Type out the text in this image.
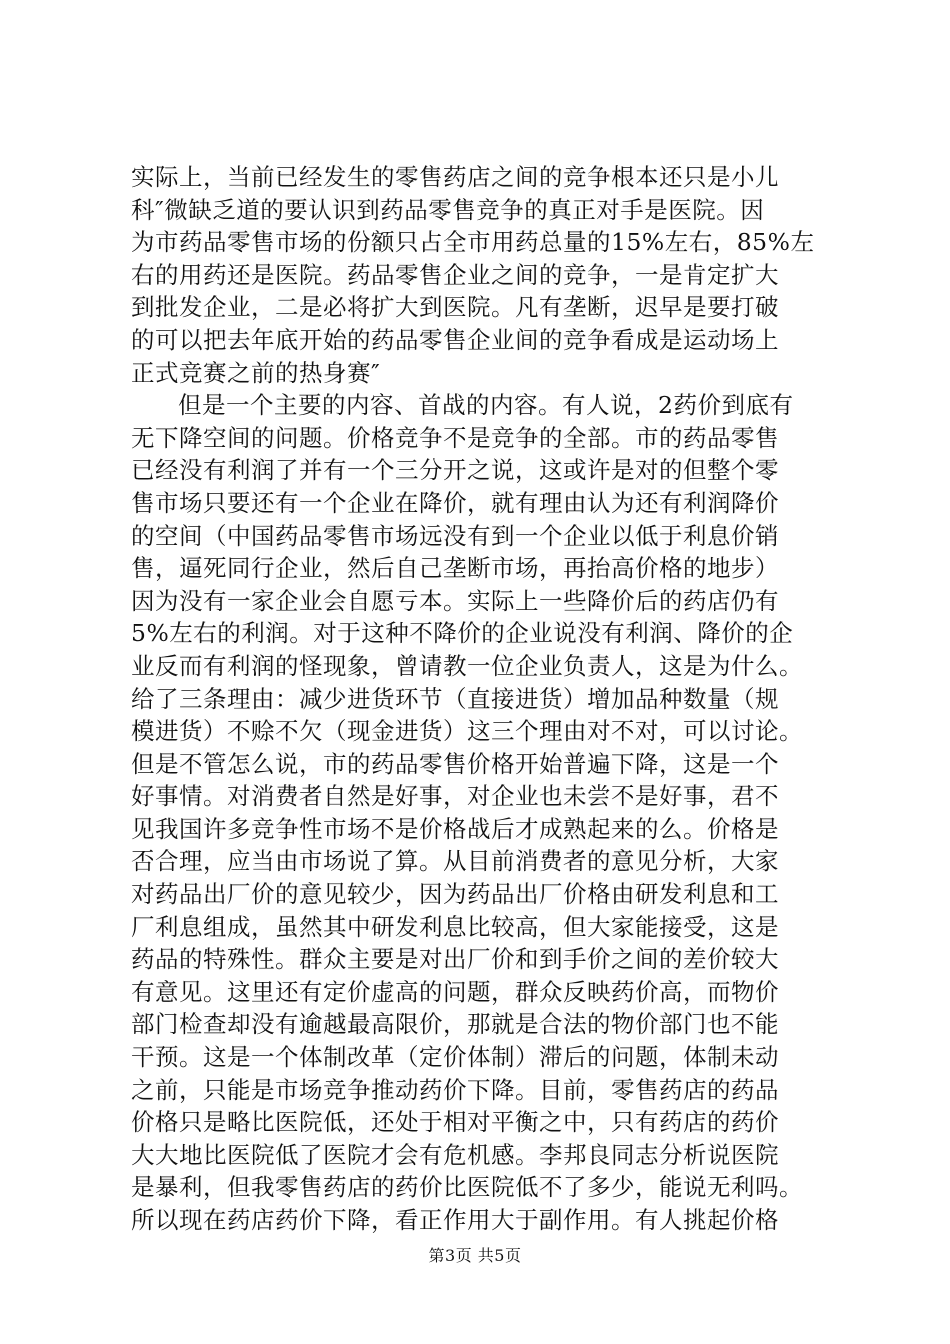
实际上，当前已经发生的零售药店之间的竞争根本还只是小儿
科″微缺乏道的要认识到药品零售竞争的真正对手是医院。因
为市药品零售市场的份额只占全市用药总量的15%左右，85%左
右的用药还是医院。药品零售企业之间的竞争，一是肯定扩大
到批发企业，二是必将扩大到医院。凡有垄断，迟早是要打破
的可以把去年底开始的药品零售企业间的竞争看成是运动场上
正式竞赛之前的热身赛″
但是一个主要的内容、首战的内容。有人说，2药价到底有
无下降空间的问题。价格竞争不是竞争的全部。市的药品零售
已经没有利润了并有一个三分开之说，这或许是对的但整个零
售市场只要还有一个企业在降价，就有理由认为还有利润降价
的空间（中国药品零售市场远没有到一个企业以低于利息价销
售，逼死同行企业，然后自己垄断市场，再抬高价格的地步）
因为没有一家企业会自愿亏本。实际上一些降价后的药店仍有
5%左右的利润。对于这种不降价的企业说没有利润、降价的企
业反而有利润的怪现象，曾请教一位企业负责人，这是为什么。
给了三条理由：减少进货环节（直接进货）增加品种数量（规
模进货）不赊不欠（现金进货）这三个理由对不对，可以讨论。
但是不管怎么说，市的药品零售价格开始普遍下降，这是一个
好事情。对消费者自然是好事，对企业也未尝不是好事，君不
见我国许多竞争性市场不是价格战后才成熟起来的么。价格是
否合理，应当由市场说了算。从目前消费者的意见分析，大家
对药品出厂价的意见较少，因为药品出厂价格由研发利息和工
厂利息组成，虽然其中研发利息比较高，但大家能接受，这是
药品的特殊性。群众主要是对出厂价和到手价之间的差价较大
有意见。这里还有定价虚高的问题，群众反映药价高，而物价
部门检查却没有逾越最高限价，那就是合法的物价部门也不能
干预。这是一个体制改革（定价体制）滞后的问题，体制未动
之前，只能是市场竞争推动药价下降。目前，零售药店的药品
价格只是略比医院低，还处于相对平衡之中，只有药店的药价
大大地比医院低了医院才会有危机感。李邦良同志分析说医院
是暴利，但我零售药店的药价比医院低不了多少，能说无利吗。
所以现在药店药价下降，看正作用大于副作用。有人挑起价格
第3页 共5页
